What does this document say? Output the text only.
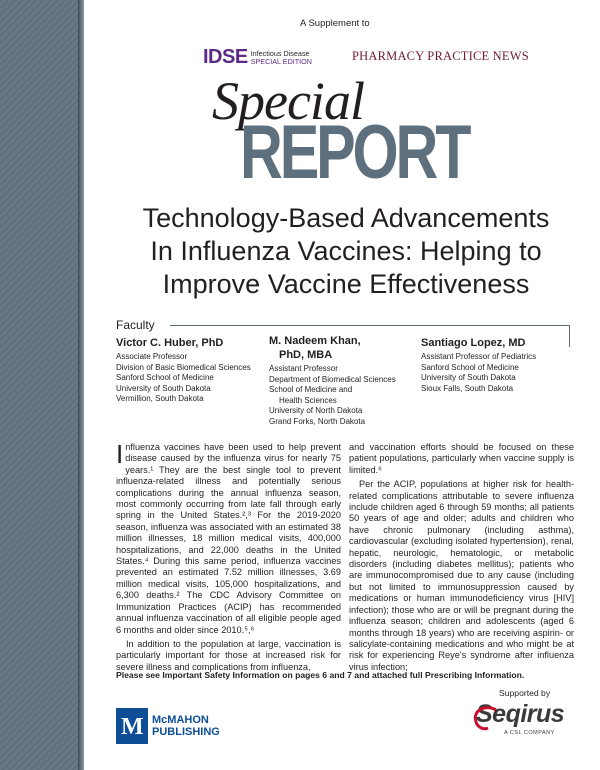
A Supplement to
IDSE Infectious Disease
SPECIAL EDITION	PHARMACY PRACTICE NEWS
Special
REPORT
Technology-Based Advancements
In Influenza Vaccines: Helping to
Improve Vaccine Effectiveness
Faculty
Victor C. Huber, PhD
Associate Professor
Division of Basic Biomedical Sciences
Sanford School of Medicine
University of South Dakota
Vermillion, South Dakota
M. Nadeem Khan,
PhD, MBA
Assistant Professor
Department of Biomedical Sciences
School of Medicine and
Health Sciences
University of North Dakota
Grand Forks, North Dakota
Santiago Lopez, MD
Assistant Professor of Pediatrics
Sanford School of Medicine
University of South Dakota
Sioux Falls, South Dakota

Influenza vaccines have been used to help prevent disease caused by the influenza virus for nearly 75 years.¹ They are the best single tool to prevent influenza-related illness and potentially serious complications during the annual influenza season, most commonly occurring from late fall through early spring in the United States.²,³ For the 2019-2020 season, influenza was associated with an estimated 38 million illnesses, 18 million medical visits, 400,000 hospitalizations, and 22,000 deaths in the United States.⁴ During this same period, influenza vaccines prevented an estimated 7.52 million illnesses, 3.69 million medical visits, 105,000 hospitalizations, and 6,300 deaths.² The CDC Advisory Committee on Immunization Practices (ACIP) has recommended annual influenza vaccination of all eligible people aged 6 months and older since 2010.⁵,⁶

In addition to the population at large, vaccination is particularly important for those at increased risk for severe illness and complications from influenza,

and vaccination efforts should be focused on these patient populations, particularly when vaccine supply is limited.⁶

Per the ACIP, populations at higher risk for health-related complications attributable to severe influenza include children aged 6 through 59 months; all patients 50 years of age and older; adults and children who have chronic pulmonary (including asthma), cardiovascular (excluding isolated hypertension), renal, hepatic, neurologic, hematologic, or metabolic disorders (including diabetes mellitus); patients who are immunocompromised due to any cause (including but not limited to immunosuppression caused by medications or human immunodeficiency virus [HIV] infection); those who are or will be pregnant during the influenza season; children and adolescents (aged 6 months through 18 years) who are receiving aspirin- or salicylate-containing medications and who might be at risk for experiencing Reye's syndrome after influenza virus infection;

Please see Important Safety Information on pages 6 and 7 and attached full Prescribing Information.
Supported by
M
McMAHON
PUBLISHING
Seqirus
A CSL COMPANY
